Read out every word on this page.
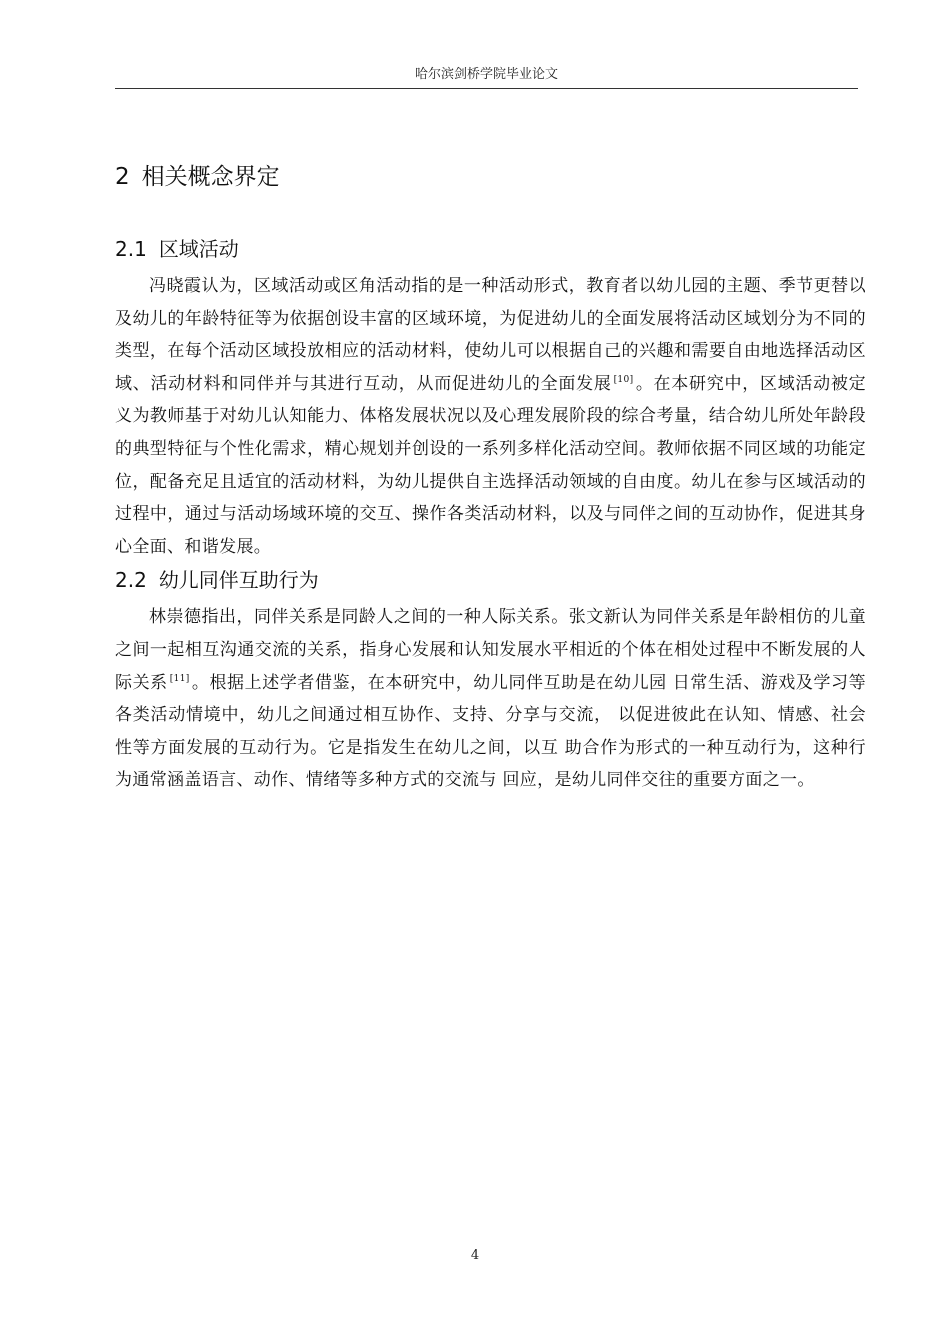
哈尔滨剑桥学院毕业论文
2 相关概念界定
2.1 区域活动

冯晓霞认为，区域活动或区角活动指的是一种活动形式，教育者以幼儿园的主题、季节更替以及幼儿的年龄特征等为依据创设丰富的区域环境，为促进幼儿的全面发展将活动区域划分为不同的类型，在每个活动区域投放相应的活动材料，使幼儿可以根据自己的兴趣和需要自由地选择活动区域、活动材料和同伴并与其进行互动，从而促进幼儿的全面发展 [10] 。在本研究中，区域活动被定义为教师基于对幼儿认知能力、体格发展状况以及心理发展阶段的综合考量，结合幼儿所处年龄段的典型特征与个性化需求，精心规划并创设的一系列多样化活动空间。教师依据不同区域的功能定位，配备充足且适宜的活动材料，为幼儿提供自主选择活动领域的自由度。幼儿在参与区域活动的过程中，通过与活动场域环境的交互、操作各类活动材料，以及与同伴之间的互动协作，促进其身心全面、和谐发展。

2.2 幼儿同伴互助行为

林崇德指出，同伴关系是同龄人之间的一种人际关系。张文新认为同伴关系是年龄相仿的儿童之间一起相互沟通交流的关系，指身心发展和认知发展水平相近的个体在相处过程中不断发展的人际关系 [11] 。根据上述学者借鉴，在本研究中，幼儿同伴互助是在幼儿园 日常生活、游戏及学习等各类活动情境中，幼儿之间通过相互协作、支持、分享与交流， 以促进彼此在认知、情感、社会性等方面发展的互动行为。它是指发生在幼儿之间，以互 助合作为形式的一种互动行为，这种行为通常涵盖语言、动作、情绪等多种方式的交流与 回应，是幼儿同伴交往的重要方面之一。

4
